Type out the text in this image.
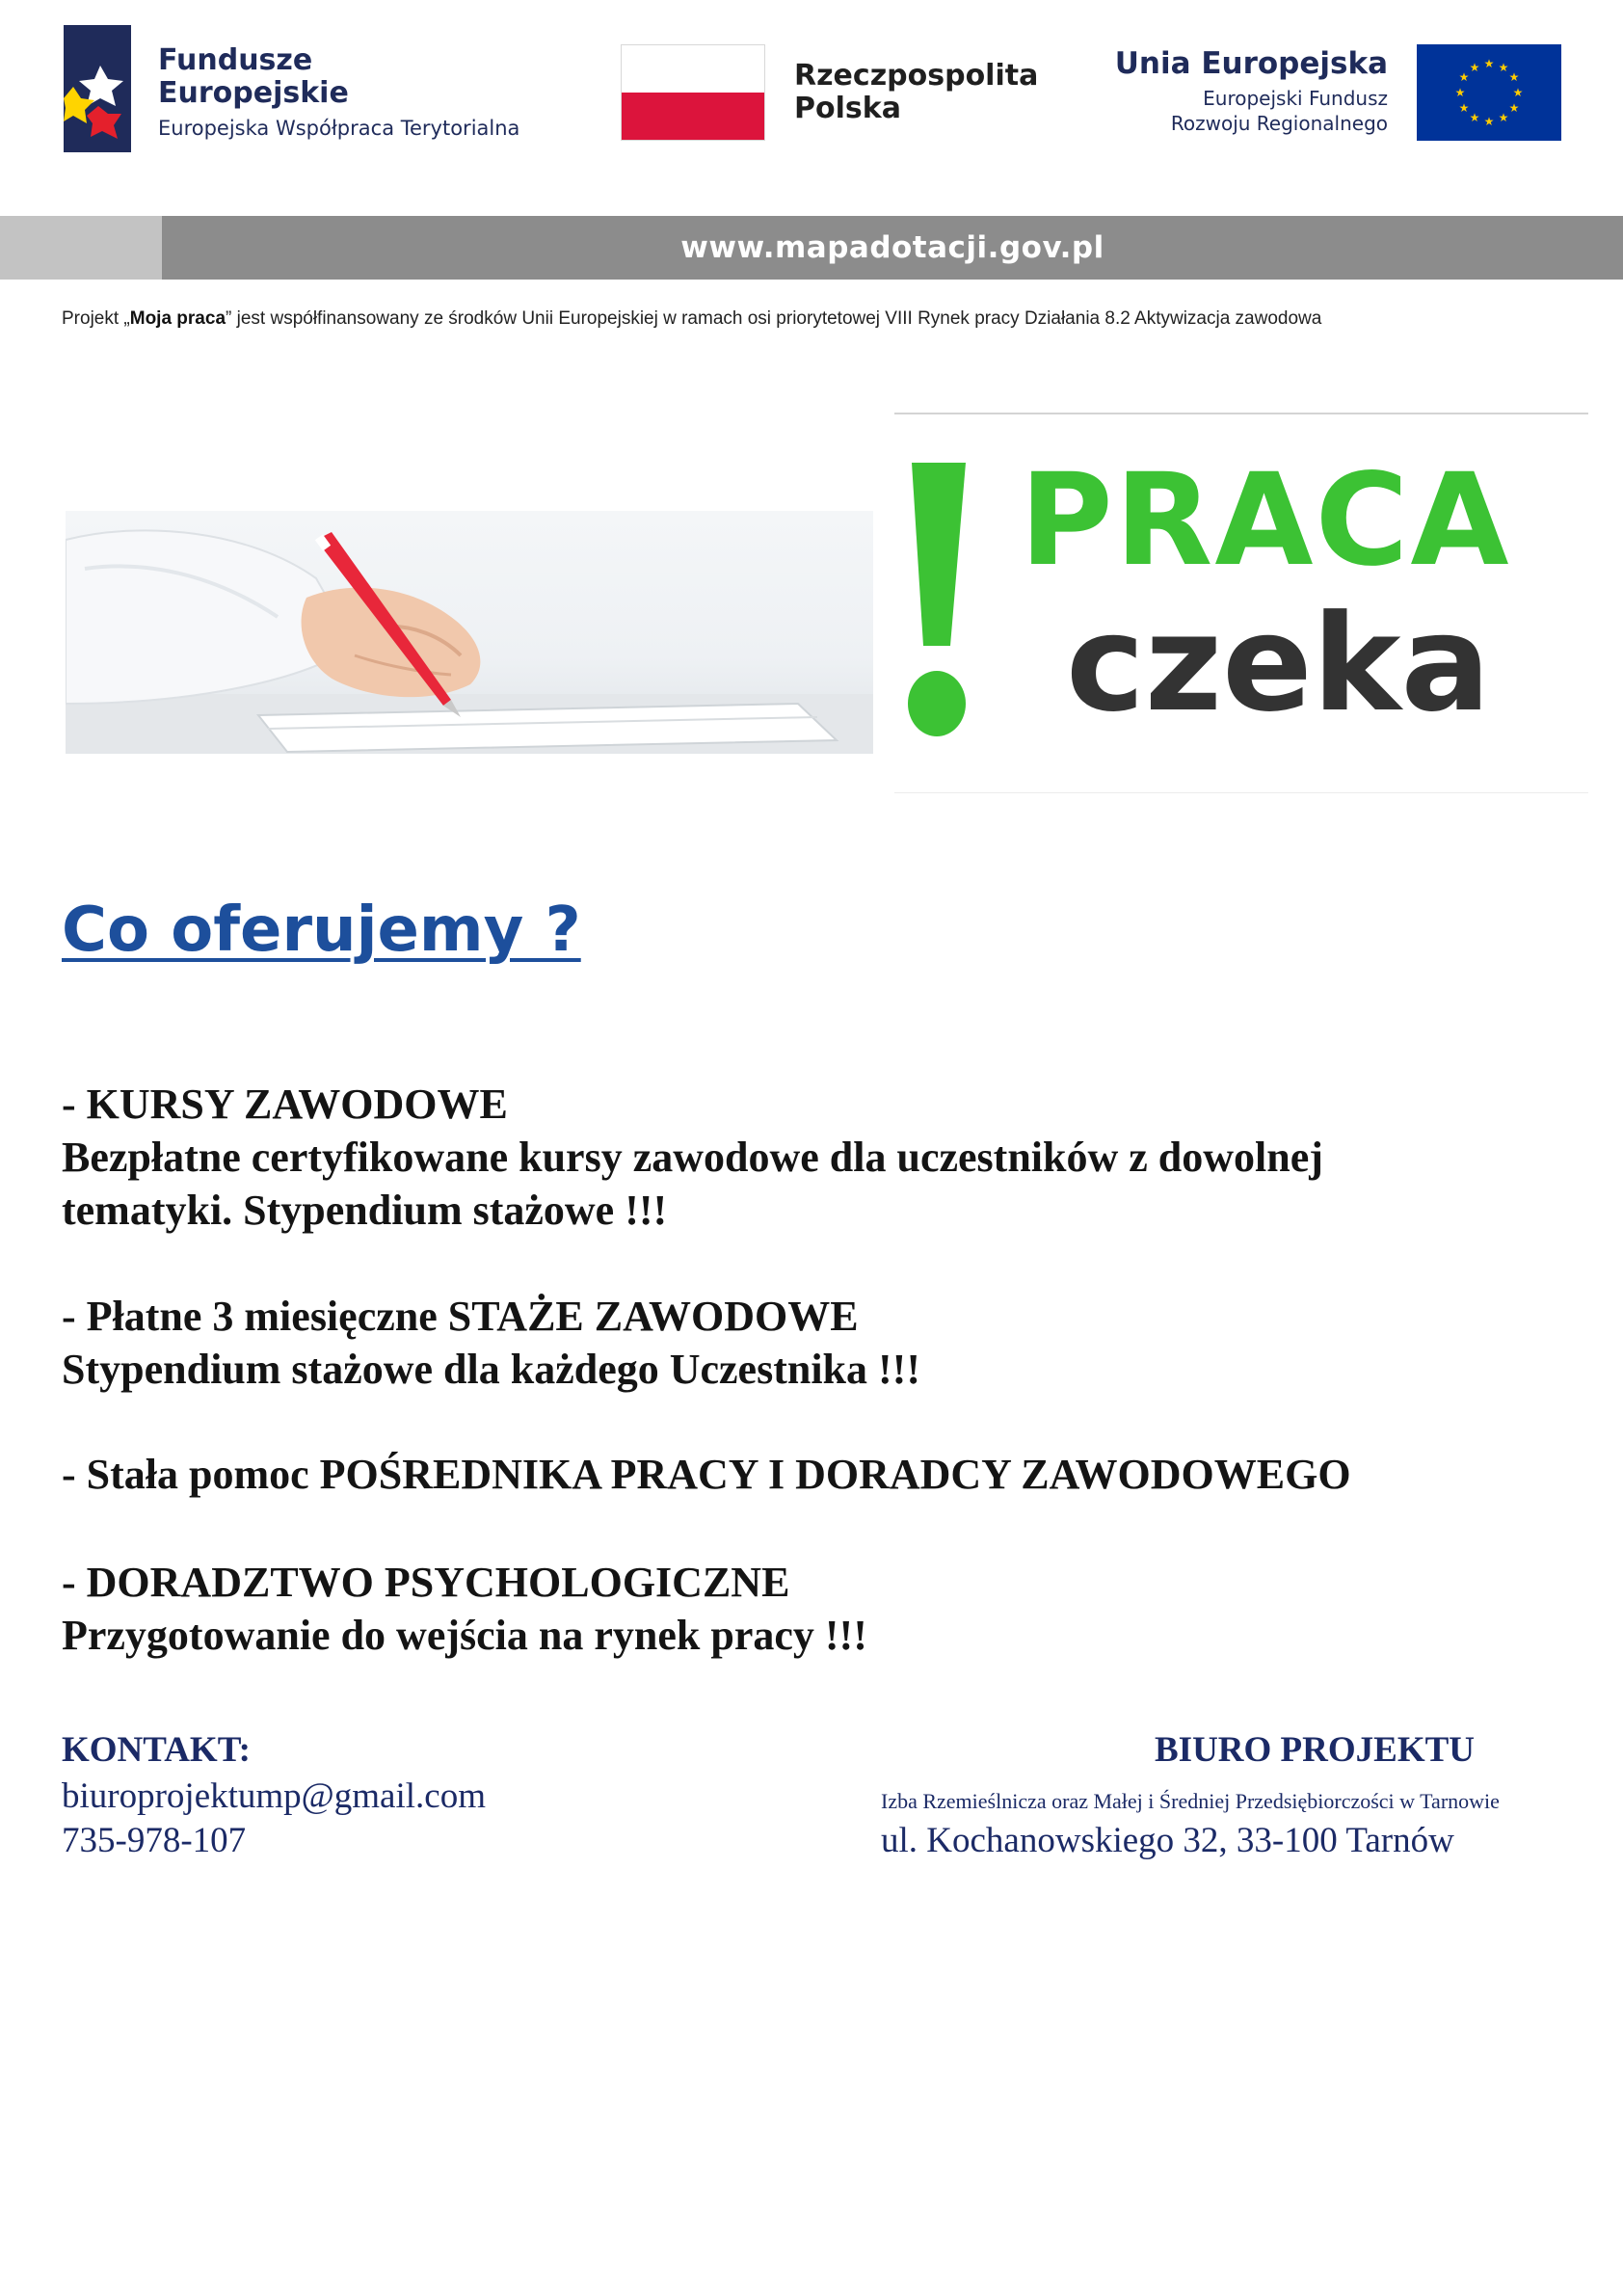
Fundusze
Europejskie
Europejska Współpraca Terytorialna
Rzeczpospolita
Polska
Unia Europejska
Europejski Fundusz
Rozwoju Regionalnego
★ ★
★
★
★
★
★
★
★
★
★
★
www.mapadotacji.gov.pl
Projekt „Moja praca” jest współfinansowany ze środków Unii Europejskiej w ramach osi priorytetowej VIII Rynek pracy Działania 8.2 Aktywizacja zawodowa
PRACA
czeka
Co oferujemy ?
- KURSY ZAWODOWE
Bezpłatne certyfikowane kursy zawodowe dla uczestników z dowolnej
tematyki. Stypendium stażowe !!!
- Płatne 3 miesięczne STAŻE ZAWODOWE
Stypendium stażowe dla każdego Uczestnika !!!
- Stała pomoc POŚREDNIKA PRACY I DORADCY ZAWODOWEGO
- DORADZTWO PSYCHOLOGICZNE
Przygotowanie do wejścia na rynek pracy !!!
KONTAKT:
biuroprojektump@gmail.com
735-978-107
BIURO PROJEKTU
Izba Rzemieślnicza oraz Małej i Średniej Przedsiębiorczości w Tarnowie
ul. Kochanowskiego 32, 33-100 Tarnów
